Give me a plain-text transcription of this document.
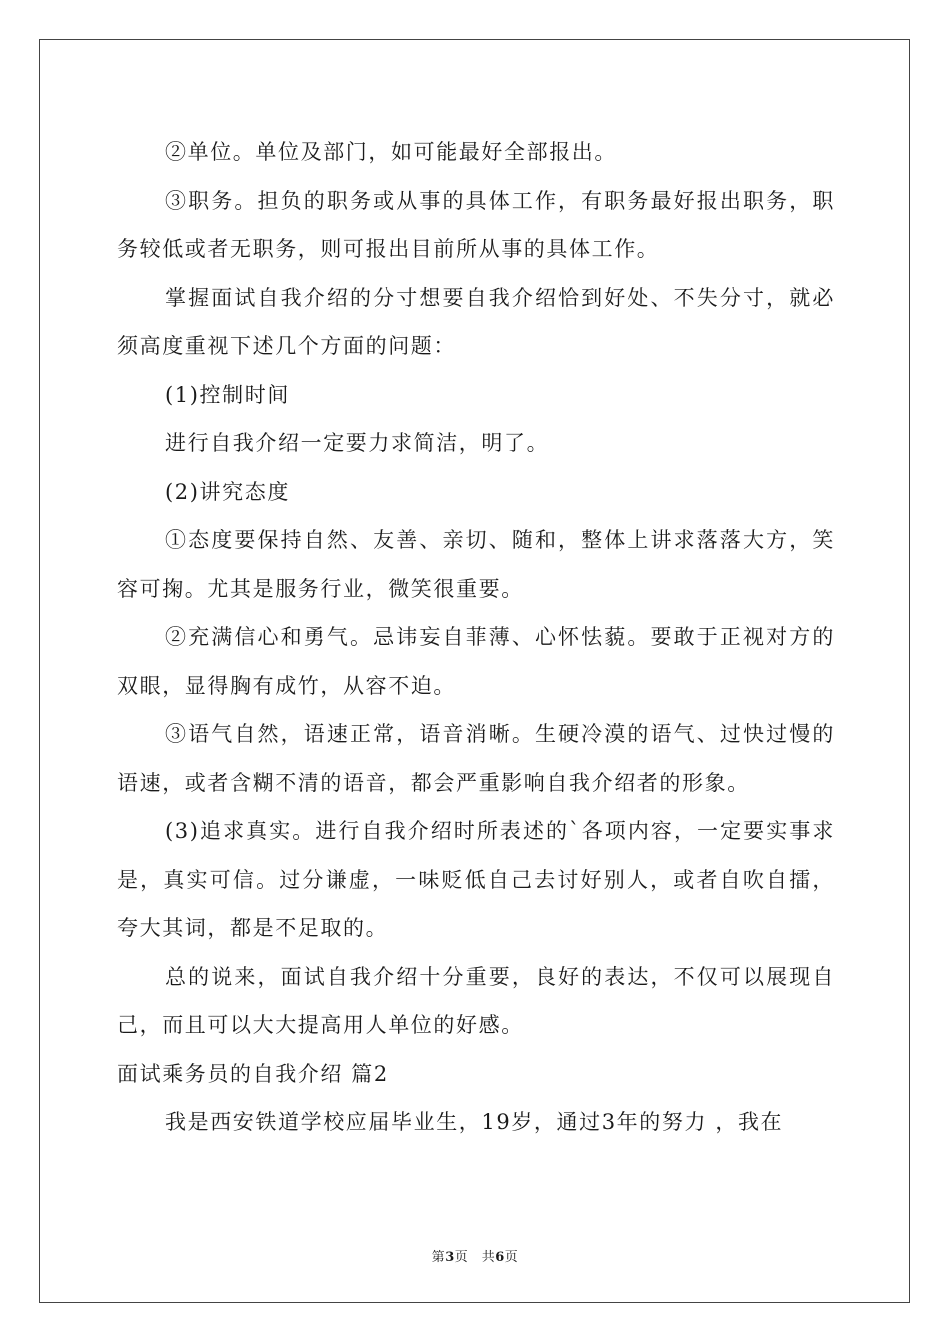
②单位。单位及部门，如可能最好全部报出。

③职务。担负的职务或从事的具体工作，有职务最好报出职务，职务较低或者无职务，则可报出目前所从事的具体工作。

掌握面试自我介绍的分寸想要自我介绍恰到好处、不失分寸，就必须高度重视下述几个方面的问题：

(1)控制时间

进行自我介绍一定要力求简洁，明了。

(2)讲究态度

①态度要保持自然、友善、亲切、随和，整体上讲求落落大方，笑容可掬。尤其是服务行业，微笑很重要。

②充满信心和勇气。忌讳妄自菲薄、心怀怯藐。要敢于正视对方的双眼，显得胸有成竹，从容不迫。

③语气自然，语速正常，语音消晰。生硬冷漠的语气、过快过慢的语速，或者含糊不清的语音，都会严重影响自我介绍者的形象。

(3)追求真实。进行自我介绍时所表述的`各项内容，一定要实事求是，真实可信。过分谦虚，一味贬低自己去讨好别人，或者自吹自擂，夸大其词，都是不足取的。

总的说来，面试自我介绍十分重要，良好的表达，不仅可以展现自己，而且可以大大提高用人单位的好感。

面试乘务员的自我介绍 篇2

我是西安铁道学校应届毕业生，19岁，通过3年的努力 ，我在

第3页　共6页
